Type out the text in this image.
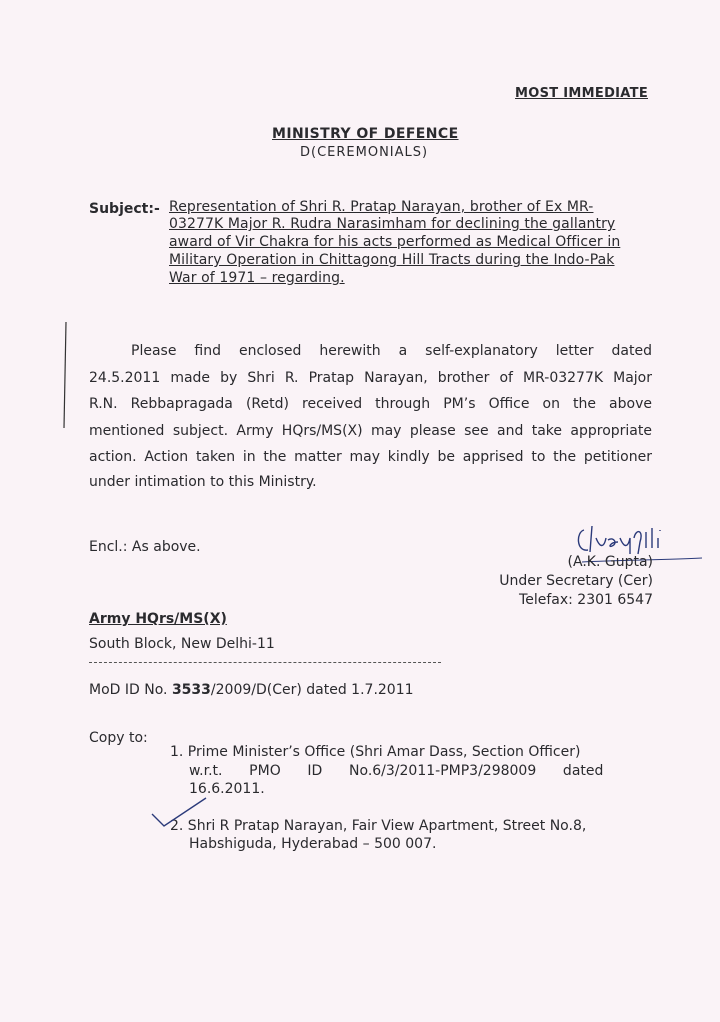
MOST IMMEDIATE
MINISTRY OF DEFENCE
D(CEREMONIALS)
Subject:- Representation of Shri R. Pratap Narayan, brother of Ex MR-
03277K Major R. Rudra Narasimham for declining the gallantry
award of Vir Chakra for his acts performed as Medical Officer in
Military Operation in Chittagong Hill Tracts during the Indo-Pak
War of 1971 – regarding.
Please find enclosed herewith a self-explanatory letter dated
24.5.2011 made by Shri R. Pratap Narayan, brother of MR-03277K Major
R.N. Rebbapragada (Retd) received through PM’s Office on the above
mentioned subject. Army HQrs/MS(X) may please see and take appropriate
action. Action taken in the matter may kindly be apprised to the petitioner
under intimation to this Ministry.
Encl.: As above.
(A.K. Gupta)
Under Secretary (Cer)
Telefax: 2301 6547
Army HQrs/MS(X)
South Block, New Delhi-11
MoD ID No. 3533/2009/D(Cer) dated 1.7.2011
Copy to:
1. Prime Minister’s Office (Shri Amar Dass, Section Officer)
w.r.t.      PMO      ID      No.6/3/2011-PMP3/298009      dated
16.6.2011.
2. Shri R Pratap Narayan, Fair View Apartment, Street No.8,
Habshiguda, Hyderabad – 500 007.
